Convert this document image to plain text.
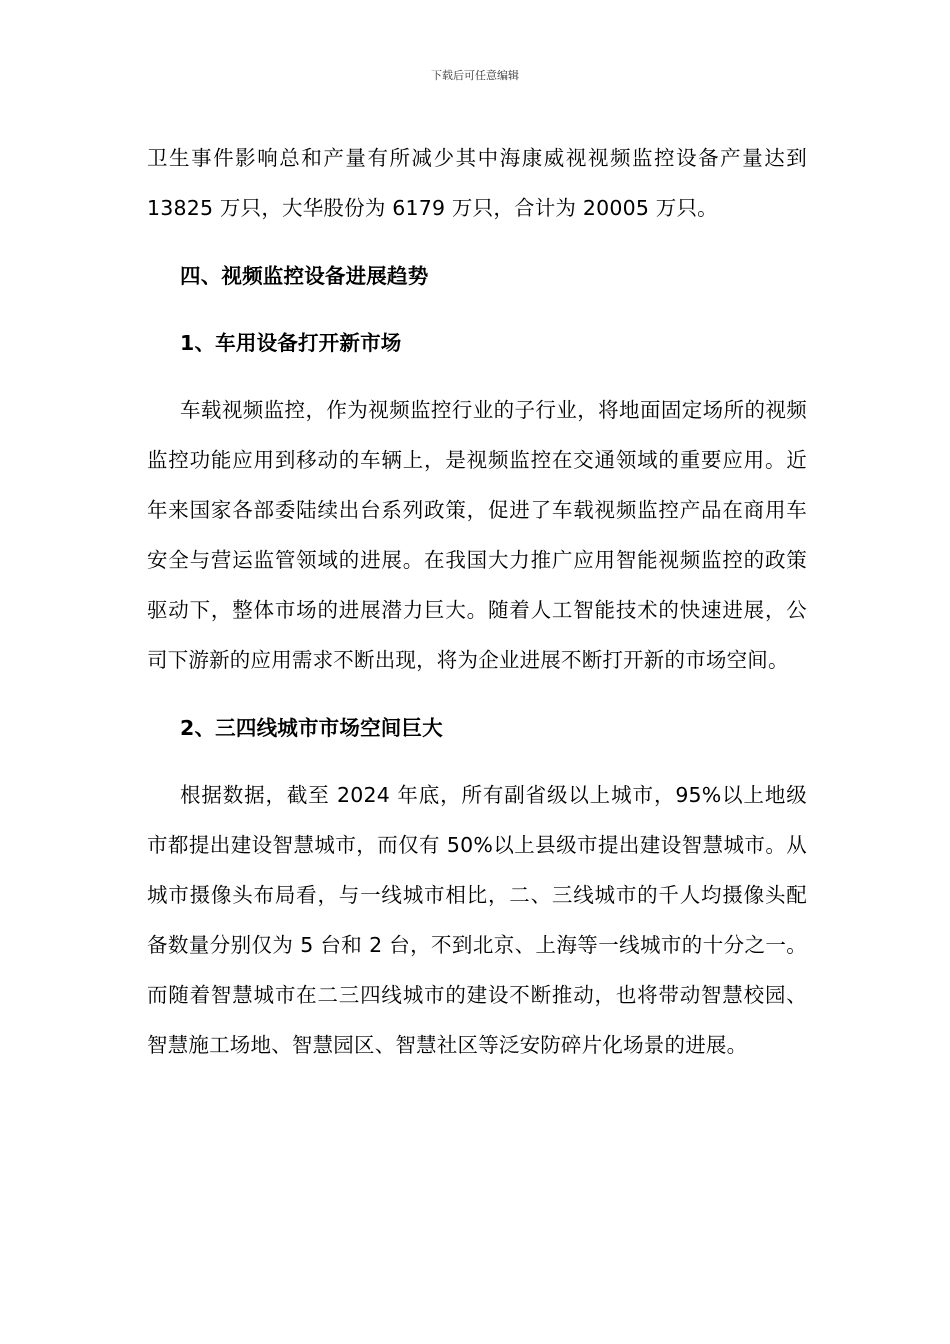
下载后可任意编辑

卫生事件影响总和产量有所减少其中海康威视视频监控设备产量达到 13825 万只，大华股份为 6179 万只，合计为 20005 万只。

四、视频监控设备进展趋势

1、车用设备打开新市场

车载视频监控，作为视频监控行业的子行业，将地面固定场所的视频监控功能应用到移动的车辆上，是视频监控在交通领域的重要应用。近年来国家各部委陆续出台系列政策，促进了车载视频监控产品在商用车安全与营运监管领域的进展。在我国大力推广应用智能视频监控的政策驱动下，整体市场的进展潜力巨大。随着人工智能技术的快速进展，公司下游新的应用需求不断出现，将为企业进展不断打开新的市场空间。

2、三四线城市市场空间巨大

根据数据，截至 2024 年底，所有副省级以上城市，95%以上地级市都提出建设智慧城市，而仅有 50%以上县级市提出建设智慧城市。从城市摄像头布局看，与一线城市相比，二、三线城市的千人均摄像头配备数量分别仅为 5 台和 2 台，不到北京、上海等一线城市的十分之一。而随着智慧城市在二三四线城市的建设不断推动，也将带动智慧校园、智慧施工场地、智慧园区、智慧社区等泛安防碎片化场景的进展。
